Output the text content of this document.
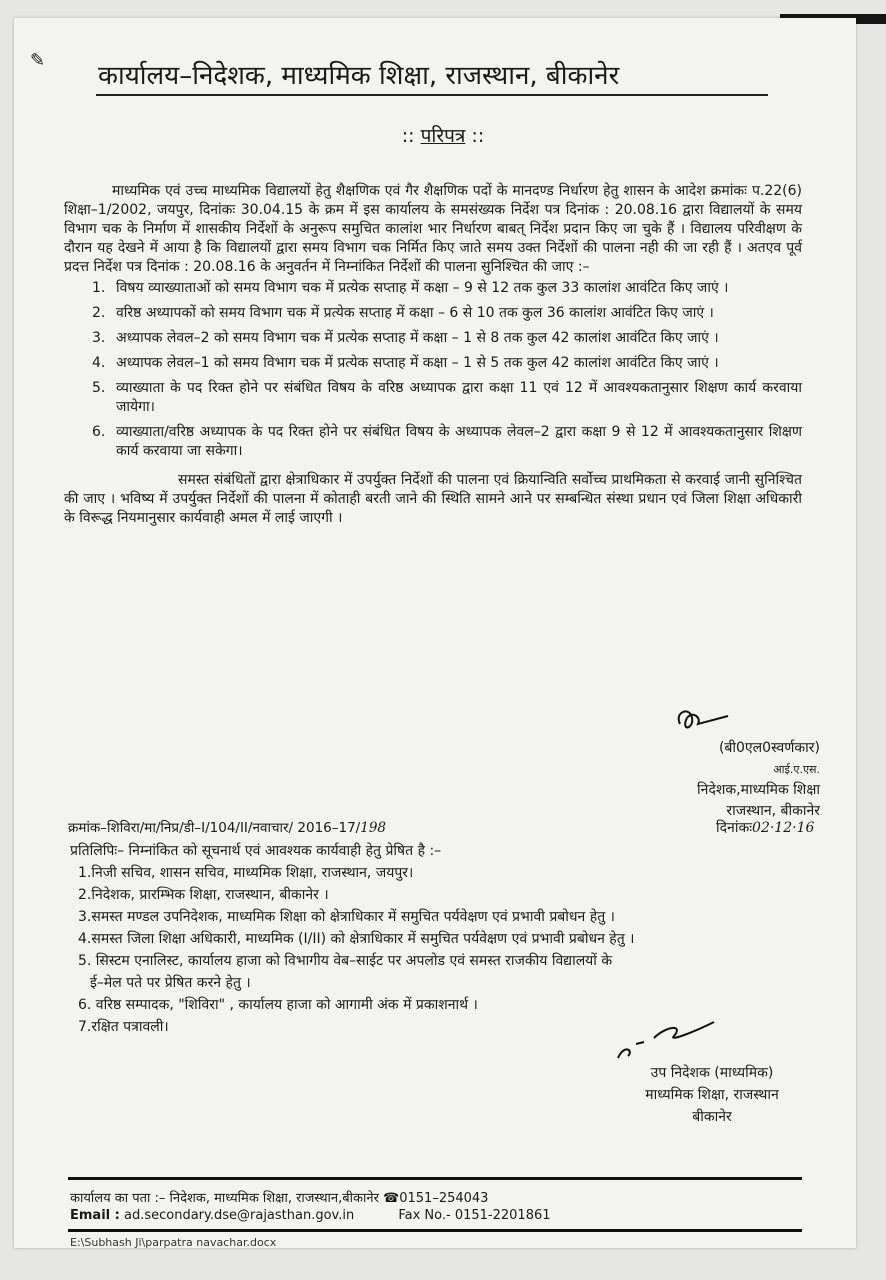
✎
कार्यालय–निदेशक, माध्यमिक शिक्षा, राजस्थान, बीकानेर
:: परिपत्र ::

माध्यमिक एवं उच्च माध्यमिक विद्यालयों हेतु शैक्षणिक एवं गैर शैक्षणिक पदों के मानदण्ड निर्धारण हेतु शासन के आदेश क्रमांकः प.22(6) शिक्षा–1/2002, जयपुर, दिनांकः 30.04.15 के क्रम में इस कार्यालय के समसंख्यक निर्देश पत्र दिनांक : 20.08.16 द्वारा विद्यालयों के समय विभाग चक के निर्माण में शासकीय निर्देशों के अनुरूप समुचित कालांश भार निर्धारण बाबत् निर्देश प्रदान किए जा चुके हैं । विद्यालय परिवीक्षण के दौरान यह देखने में आया है कि विद्यालयों द्वारा समय विभाग चक निर्मित किए जाते समय उक्त निर्देशों की पालना नही की जा रही हैं । अतएव पूर्व प्रदत्त निर्देश पत्र दिनांक : 20.08.16 के अनुवर्तन में निम्नांकित निर्देशों की पालना सुनिश्चित की जाए :–

1. विषय व्याख्याताओं को समय विभाग चक में प्रत्येक सप्ताह में कक्षा – 9 से 12 तक कुल 33 कालांश आवंटित किए जाएं ।
2. वरिष्ठ अध्यापकों को समय विभाग चक में प्रत्येक सप्ताह में कक्षा – 6 से 10 तक कुल 36 कालांश आवंटित किए जाएं ।
3. अध्यापक लेवल–2 को समय विभाग चक में प्रत्येक सप्ताह में कक्षा – 1 से 8 तक कुल 42 कालांश आवंटित किए जाएं ।
4. अध्यापक लेवल–1 को समय विभाग चक में प्रत्येक सप्ताह में कक्षा – 1 से 5 तक कुल 42 कालांश आवंटित किए जाएं ।
5. व्याख्याता के पद रिक्त होने पर संबंधित विषय के वरिष्ठ अध्यापक द्वारा कक्षा 11 एवं 12 में आवश्यकतानुसार शिक्षण कार्य करवाया जायेगा।
6. व्याख्याता/वरिष्ठ अध्यापक के पद रिक्त होने पर संबंधित विषय के अध्यापक लेवल–2 द्वारा कक्षा 9 से 12 में आवश्यकतानुसार शिक्षण कार्य करवाया जा सकेगा।

समस्त संबंधितों द्वारा क्षेत्राधिकार में उपर्युक्त निर्देशों की पालना एवं क्रियान्विति सर्वोच्च प्राथमिकता से करवाई जानी सुनिश्चित की जाए । भविष्य में उपर्युक्त निर्देशों की पालना में कोताही बरती जाने की स्थिति सामने आने पर सम्बन्धित संस्था प्रधान एवं जिला शिक्षा अधिकारी के विरूद्ध नियमानुसार कार्यवाही अमल में लाई जाएगी ।

(बी0एल0स्वर्णकार)
आई.ए.एस.
निदेशक,माध्यमिक शिक्षा
राजस्थान, बीकानेर
क्रमांक–शिविरा/मा/निप्र/डी–I/104/II/नवाचार/ 2016–17/198	दिनांकः02·12·16
प्रतिलिपिः– निम्नांकित को सूचनार्थ एवं आवश्यक कार्यवाही हेतु प्रेषित है :–
1.निजी सचिव, शासन सचिव, माध्यमिक शिक्षा, राजस्थान, जयपुर।
2.निदेशक, प्रारम्भिक शिक्षा, राजस्थान, बीकानेर ।
3.समस्त मण्डल उपनिदेशक, माध्यमिक शिक्षा को क्षेत्राधिकार में समुचित पर्यवेक्षण एवं प्रभावी प्रबोधन हेतु ।
4.समस्त जिला शिक्षा अधिकारी, माध्यमिक (I/II) को क्षेत्राधिकार में समुचित पर्यवेक्षण एवं प्रभावी प्रबोधन हेतु ।
5. सिस्टम एनालिस्ट, कार्यालय हाजा को विभागीय वेब–साईट पर अपलोड एवं समस्त राजकीय विद्यालयों के
ई–मेल पते पर प्रेषित करने हेतु ।
6. वरिष्ठ सम्पादक, "शिविरा" , कार्यालय हाजा को आगामी अंक में प्रकाशनार्थ ।
7.रक्षित पत्रावली।
उप निदेशक (माध्यमिक)
माध्यमिक शिक्षा, राजस्थान
बीकानेर
कार्यालय का पता :– निदेशक, माध्यमिक शिक्षा, राजस्थान,बीकानेर ☎0151–254043
Email : ad.secondary.dse@rajasthan.gov.in	Fax No.- 0151-2201861
E:\Subhash Ji\parpatra navachar.docx
